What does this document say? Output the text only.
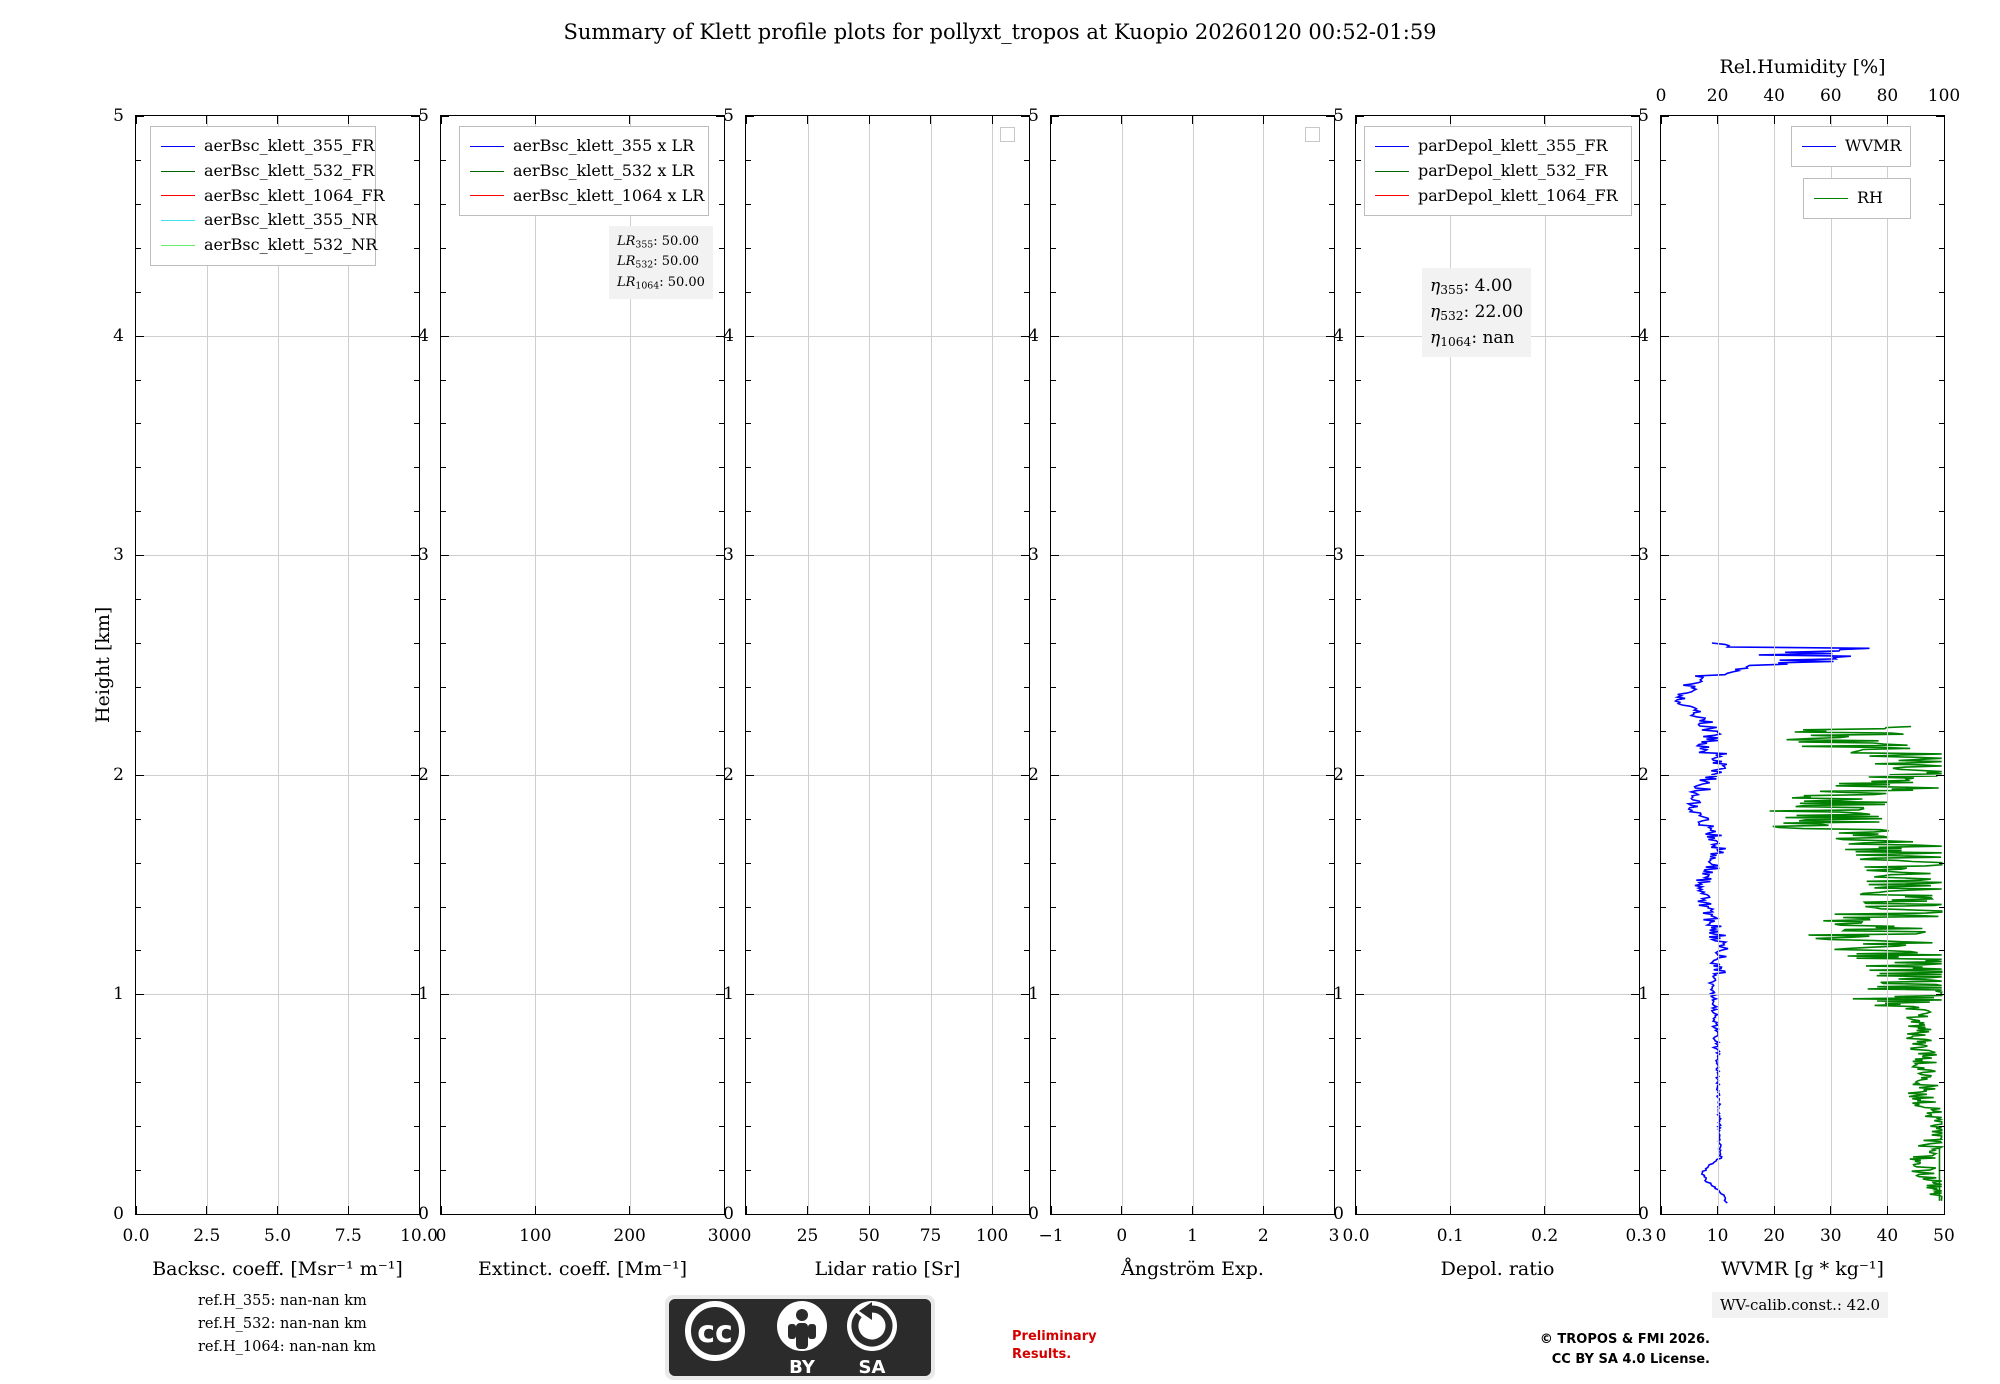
Summary of Klett profile plots for pollyxt_tropos at Kuopio 20260120 00:52-01:59
Height [km]
aerBsc_klett_355_FR
aerBsc_klett_532_FR
aerBsc_klett_1064_FR
aerBsc_klett_355_NR
aerBsc_klett_532_NR
Backsc. coeff. [Msr⁻¹ m⁻¹]
0
1
2
3
4
5
0.0	2.5	5.0	7.5 10.0
aerBsc_klett_355 x LR
aerBsc_klett_532 x LR
aerBsc_klett_1064 x LR
$LR_{355}$: 50.00
$LR_{532}$: 50.00
$LR_{1064}$: 50.00
Extinct. coeff. [Mm⁻¹]
0
1
2
3
4
5
0	100	200	300
Lidar ratio [Sr]
0
1
2
3
4
5
0	25 50 75 100
Ångström Exp.
0
1
2
3
4
5
−1	0	1	2	3
parDepol_klett_355_FR
parDepol_klett_532_FR
parDepol_klett_1064_FR
$\eta_{355}$: 4.00
$\eta_{532}$: 22.00
$\eta_{1064}$: nan
Depol. ratio
0
1
2
3
4
5
0.0	0.1	0.2	0.3
WVMR
RH
WVMR [g * kg⁻¹]
Rel.Humidity [%]
0
1
2
3
4
5
0 10 20 30 40 50
0 20 40 60 80 100
ref.H_355: nan-nan km
ref.H_532: nan-nan km
ref.H_1064: nan-nan km	cc
BY SA
Preliminary
Results.
© TROPOS & FMI 2026.
CC BY SA 4.0 License.
WV-calib.const.: 42.0
